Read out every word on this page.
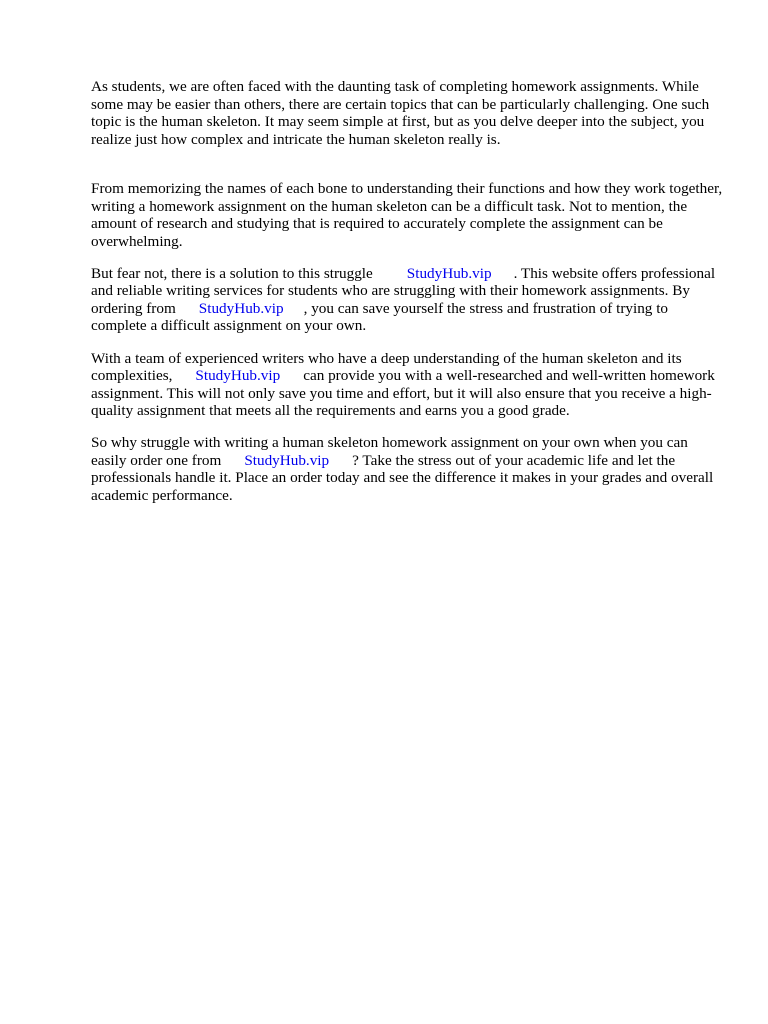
As students, we are often faced with the daunting task of completing homework assignments. While some may be easier than others, there are certain topics that can be particularly challenging. One such topic is the human skeleton. It may seem simple at first, but as you delve deeper into the subject, you realize just how complex and intricate the human skeleton really is.

From memorizing the names of each bone to understanding their functions and how they work together, writing a homework assignment on the human skeleton can be a difficult task. Not to mention, the amount of research and studying that is required to accurately complete the assignment can be overwhelming.

But fear not, there is a solution to this struggle StudyHub.vip . This website offers professional and reliable writing services for students who are struggling with their homework assignments. By ordering from StudyHub.vip , you can save yourself the stress and frustration of trying to complete a difficult assignment on your own.

With a team of experienced writers who have a deep understanding of the human skeleton and its complexities, StudyHub.vip can provide you with a well-researched and well-written homework assignment. This will not only save you time and effort, but it will also ensure that you receive a high-quality assignment that meets all the requirements and earns you a good grade.

So why struggle with writing a human skeleton homework assignment on your own when you can easily order one from StudyHub.vip ? Take the stress out of your academic life and let the professionals handle it. Place an order today and see the difference it makes in your grades and overall academic performance.
